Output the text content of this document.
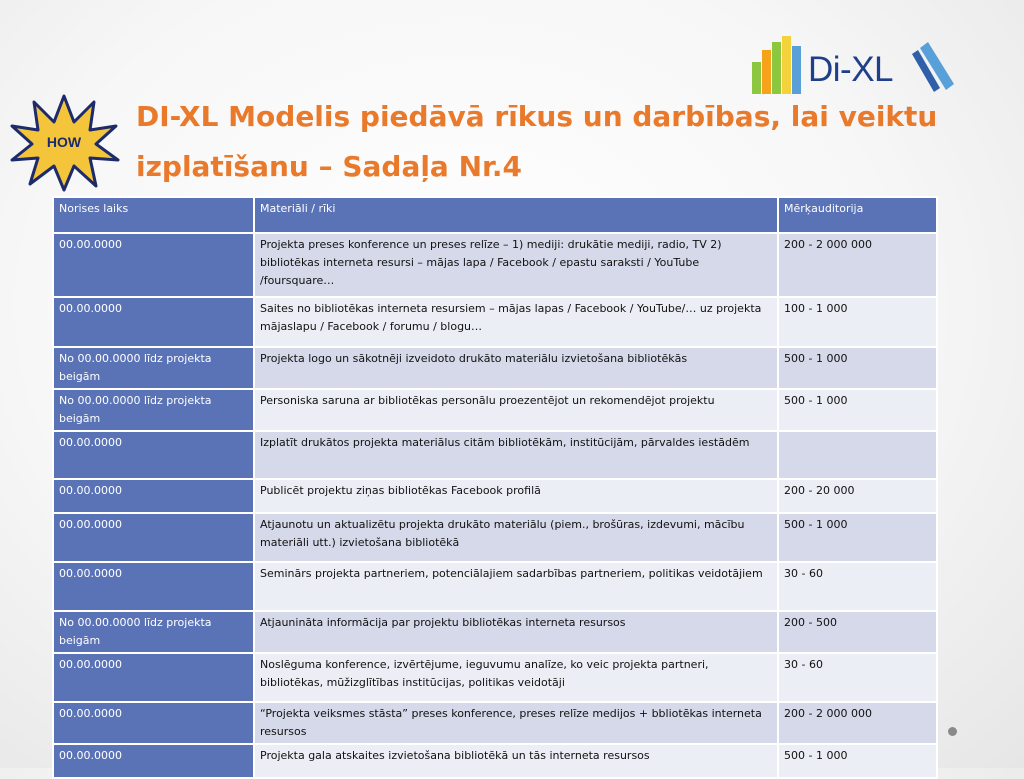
HOW
Di-XL
DI-XL Modelis piedāvā rīkus un darbības, lai veiktu izplatīšanu – Sadaļa Nr.4
Norises laiks	Materiāli / rīki	Mērķauditorija
00.00.0000	Projekta preses konference un preses relīze – 1) mediji: drukātie mediji, radio, TV 2) bibliotēkas interneta resursi – mājas lapa / Facebook / epastu saraksti / YouTube /foursquare…	200 - 2 000 000
00.00.0000	Saites no bibliotēkas interneta resursiem – mājas lapas / Facebook / YouTube/… uz projekta mājaslapu / Facebook / forumu / blogu…	100 - 1 000
No 00.00.0000 līdz projekta beigām	Projekta logo un sākotnēji izveidoto drukāto materiālu izvietošana bibliotēkās	500 - 1 000
No 00.00.0000 līdz projekta beigām	Personiska saruna ar bibliotēkas personālu proezentējot un rekomendējot projektu	500 - 1 000
00.00.0000	Izplatīt drukātos projekta materiālus citām bibliotēkām, institūcijām, pārvaldes iestādēm	
00.00.0000	Publicēt projektu ziņas bibliotēkas Facebook profilā	200 - 20 000
00.00.0000	Atjaunotu un aktualizētu projekta drukāto materiālu (piem., brošūras, izdevumi, mācību materiāli utt.) izvietošana bibliotēkā	500 - 1 000
00.00.0000	Seminārs projekta partneriem, potenciālajiem sadarbības partneriem, politikas veidotājiem	30 - 60
No 00.00.0000 līdz projekta beigām	Atjaunināta informācija par projektu bibliotēkas interneta resursos	200 - 500
00.00.0000	Noslēguma konference, izvērtējume, ieguvumu analīze, ko veic projekta partneri, bibliotēkas, mūžizglītības institūcijas, politikas veidotāji	30 - 60
00.00.0000	“Projekta veiksmes stāsta” preses konference, preses relīze medijos + bbliotēkas interneta resursos	200 - 2 000 000
00.00.0000	Projekta gala atskaites izvietošana bibliotēkā un tās interneta resursos	500 - 1 000
